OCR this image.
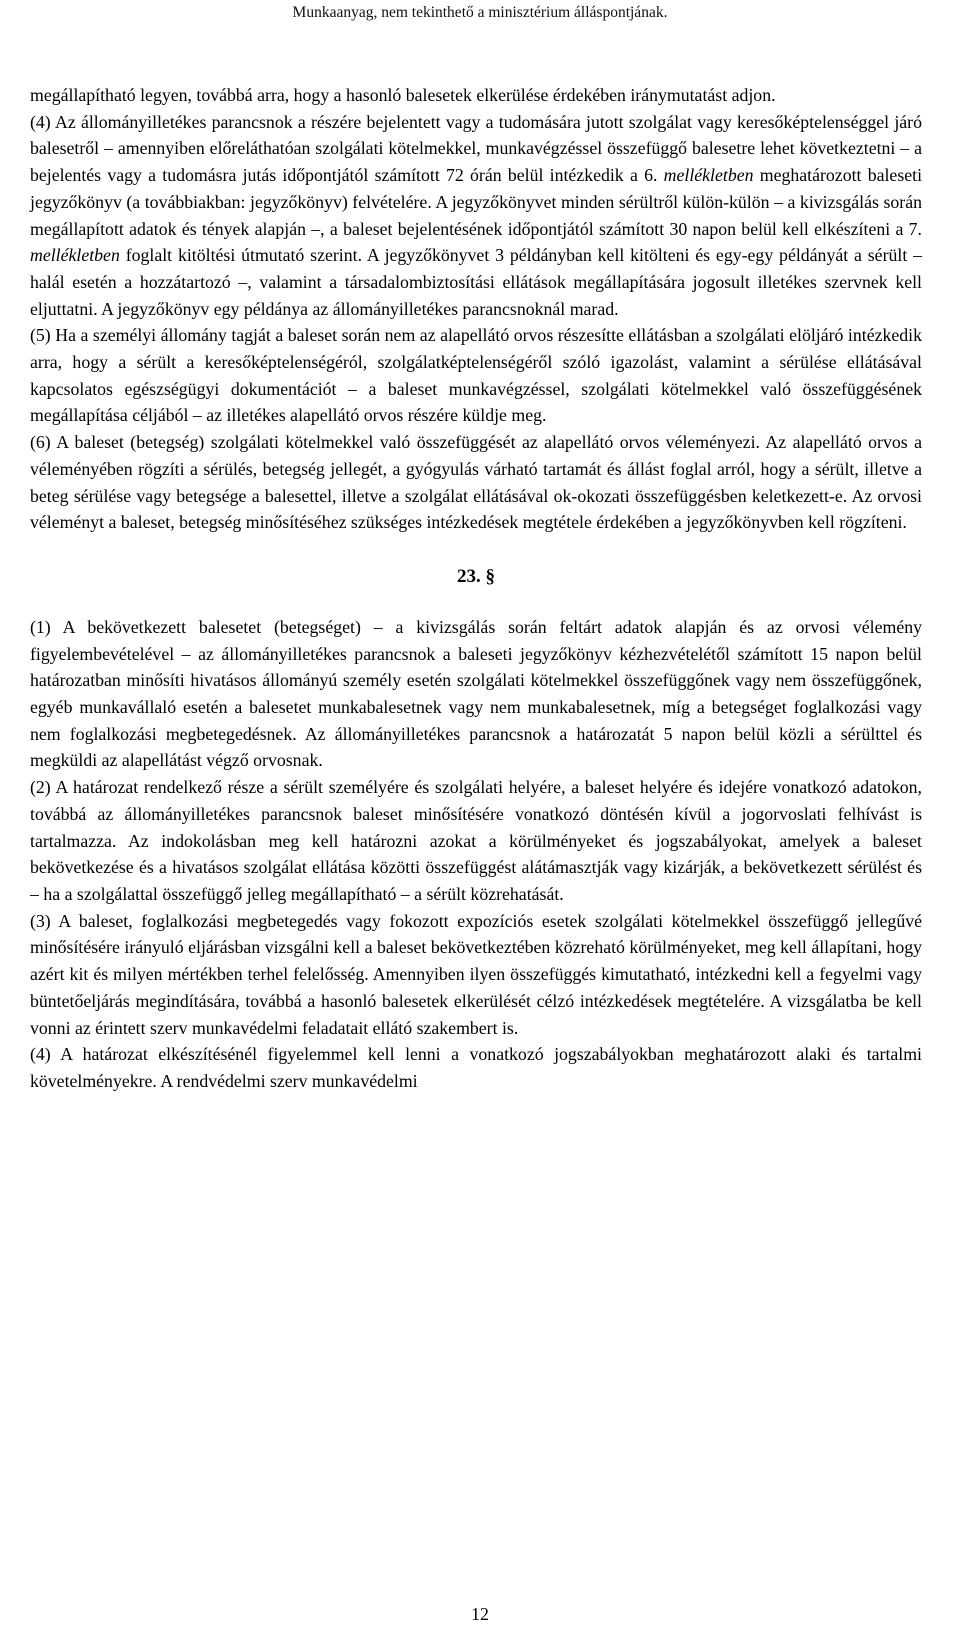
Munkaanyag, nem tekinthető a minisztérium álláspontjának.

megállapítható legyen, továbbá arra, hogy a hasonló balesetek elkerülése érdekében iránymutatást adjon.

(4) Az állományilletékes parancsnok a részére bejelentett vagy a tudomására jutott szolgálat vagy keresőképtelenséggel járó balesetről – amennyiben előreláthatóan szolgálati kötelmekkel, munkavégzéssel összefüggő balesetre lehet következtetni – a bejelentés vagy a tudomásra jutás időpontjától számított 72 órán belül intézkedik a 6. mellékletben meghatározott baleseti jegyzőkönyv (a továbbiakban: jegyzőkönyv) felvételére. A jegyzőkönyvet minden sérültről külön-külön – a kivizsgálás során megállapított adatok és tények alapján –, a baleset bejelentésének időpontjától számított 30 napon belül kell elkészíteni a 7. mellékletben foglalt kitöltési útmutató szerint. A jegyzőkönyvet 3 példányban kell kitölteni és egy-egy példányát a sérült – halál esetén a hozzátartozó –, valamint a társadalombiztosítási ellátások megállapítására jogosult illetékes szervnek kell eljuttatni. A jegyzőkönyv egy példánya az állományilletékes parancsnoknál marad.

(5) Ha a személyi állomány tagját a baleset során nem az alapellátó orvos részesítte ellátásban a szolgálati elöljáró intézkedik arra, hogy a sérült a keresőképtelenségéról, szolgálatképtelenségéről szóló igazolást, valamint a sérülése ellátásával kapcsolatos egészségügyi dokumentációt – a baleset munkavégzéssel, szolgálati kötelmekkel való összefüggésének megállapítása céljából – az illetékes alapellátó orvos részére küldje meg.

(6) A baleset (betegség) szolgálati kötelmekkel való összefüggését az alapellátó orvos véleményezi. Az alapellátó orvos a véleményében rögzíti a sérülés, betegség jellegét, a gyógyulás várható tartamát és állást foglal arról, hogy a sérült, illetve a beteg sérülése vagy betegsége a balesettel, illetve a szolgálat ellátásával ok-okozati összefüggésben keletkezett-e. Az orvosi véleményt a baleset, betegség minősítéséhez szükséges intézkedések megtétele érdekében a jegyzőkönyvben kell rögzíteni.

23. §

(1) A bekövetkezett balesetet (betegséget) – a kivizsgálás során feltárt adatok alapján és az orvosi vélemény figyelembevételével – az állományilletékes parancsnok a baleseti jegyzőkönyv kézhezvételétől számított 15 napon belül határozatban minősíti hivatásos állományú személy esetén szolgálati kötelmekkel összefüggőnek vagy nem összefüggőnek, egyéb munkavállaló esetén a balesetet munkabalesetnek vagy nem munkabalesetnek, míg a betegséget foglalkozási vagy nem foglalkozási megbetegedésnek. Az állományilletékes parancsnok a határozatát 5 napon belül közli a sérülttel és megküldi az alapellátást végző orvosnak.

(2) A határozat rendelkező része a sérült személyére és szolgálati helyére, a baleset helyére és idejére vonatkozó adatokon, továbbá az állományilletékes parancsnok baleset minősítésére vonatkozó döntésén kívül a jogorvoslati felhívást is tartalmazza. Az indokolásban meg kell határozni azokat a körülményeket és jogszabályokat, amelyek a baleset bekövetkezése és a hivatásos szolgálat ellátása közötti összefüggést alátámasztják vagy kizárják, a bekövetkezett sérülést és – ha a szolgálattal összefüggő jelleg megállapítható – a sérült közrehatását.

(3) A baleset, foglalkozási megbetegedés vagy fokozott expozíciós esetek szolgálati kötelmekkel összefüggő jellegűvé minősítésére irányuló eljárásban vizsgálni kell a baleset bekövetkeztében közreható körülményeket, meg kell állapítani, hogy azért kit és milyen mértékben terhel felelősség. Amennyiben ilyen összefüggés kimutatható, intézkedni kell a fegyelmi vagy büntetőeljárás megindítására, továbbá a hasonló balesetek elkerülését célzó intézkedések megtételére. A vizsgálatba be kell vonni az érintett szerv munkavédelmi feladatait ellátó szakembert is.

(4) A határozat elkészítésénél figyelemmel kell lenni a vonatkozó jogszabályokban meghatározott alaki és tartalmi követelményekre. A rendvédelmi szerv munkavédelmi

12
